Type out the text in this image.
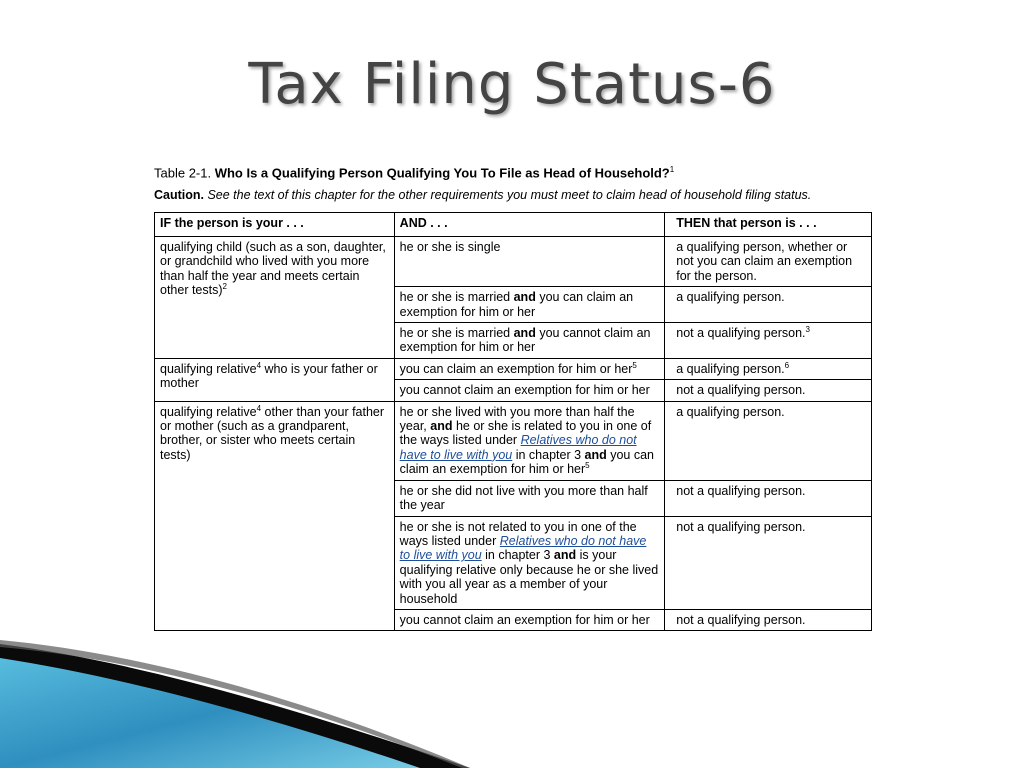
Tax Filing Status-6
Table 2-1. Who Is a Qualifying Person Qualifying You To File as Head of Household?$^1$
Caution. See the text of this chapter for the other requirements you must meet to claim head of household filing status.
IF the person is your . . .	AND . . .	THEN that person is . . .
qualifying child (such as a son, daughter, or grandchild who lived with you more than half the year and meets certain other tests)$^2$	he or she is single	a qualifying person, whether or not you can claim an exemption for the person.
	he or she is married and you can claim an exemption for him or her	a qualifying person.
	he or she is married and you cannot claim an exemption for him or her	not a qualifying person.$^3$
qualifying relative$^4$ who is your father or mother	you can claim an exemption for him or her$^5$	a qualifying person.$^6$
	you cannot claim an exemption for him or her	not a qualifying person.
qualifying relative$^4$ other than your father or mother (such as a grandparent, brother, or sister who meets certain tests)	he or she lived with you more than half the year, and he or she is related to you in one of the ways listed under Relatives who do not have to live with you in chapter 3 and you can claim an exemption for him or her$^5$	a qualifying person.
	he or she did not live with you more than half the year	not a qualifying person.
	he or she is not related to you in one of the ways listed under Relatives who do not have to live with you in chapter 3 and is your qualifying relative only because he or she lived with you all year as a member of your household	not a qualifying person.
	you cannot claim an exemption for him or her	not a qualifying person.
